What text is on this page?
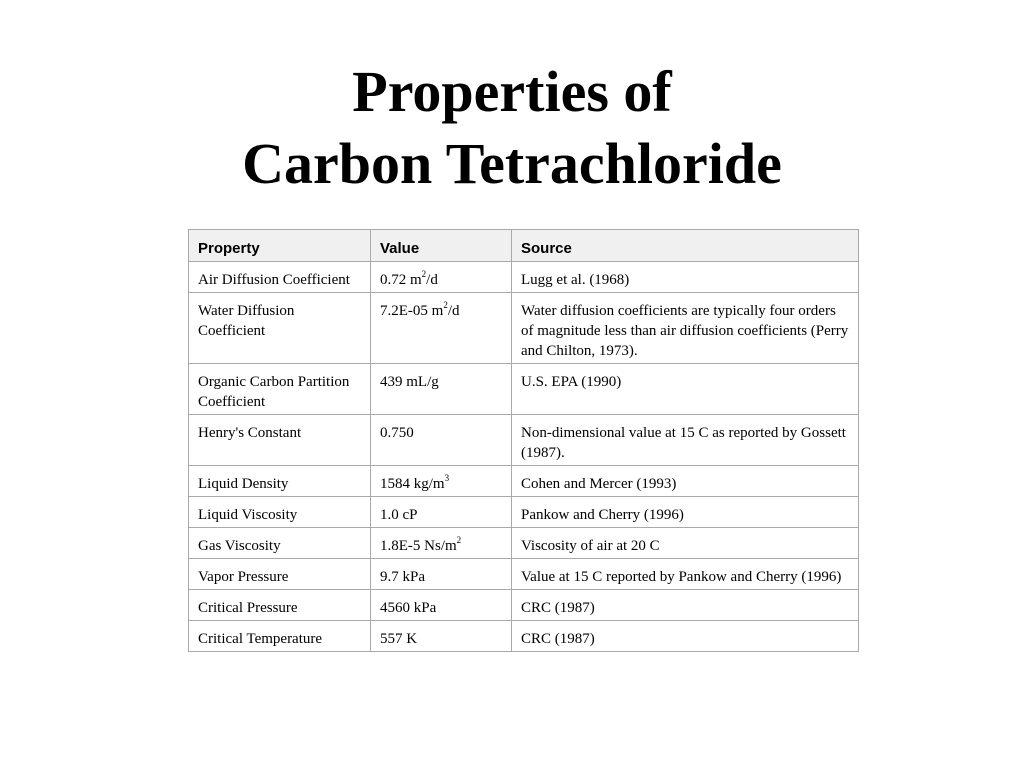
Properties of
Carbon Tetrachloride
Property	Value	Source
Air Diffusion Coefficient	0.72 $m^2/d$	Lugg et al. (1968)
Water Diffusion Coefficient	7.2E-05 $m^2/d$	Water diffusion coefficients are typically four orders of magnitude less than air diffusion coefficients (Perry and Chilton, 1973).
Organic Carbon Partition Coefficient	439 mL/g	U.S. EPA (1990)
Henry's Constant	0.750	Non-dimensional value at 15 C as reported by Gossett (1987).
Liquid Density	1584 $kg/m^3$	Cohen and Mercer (1993)
Liquid Viscosity	1.0 cP	Pankow and Cherry (1996)
Gas Viscosity	1.8E-5 $Ns/m^2$	Viscosity of air at 20 C
Vapor Pressure	9.7 kPa	Value at 15 C reported by Pankow and Cherry (1996)
Critical Pressure	4560 kPa	CRC (1987)
Critical Temperature	557 K	CRC (1987)
